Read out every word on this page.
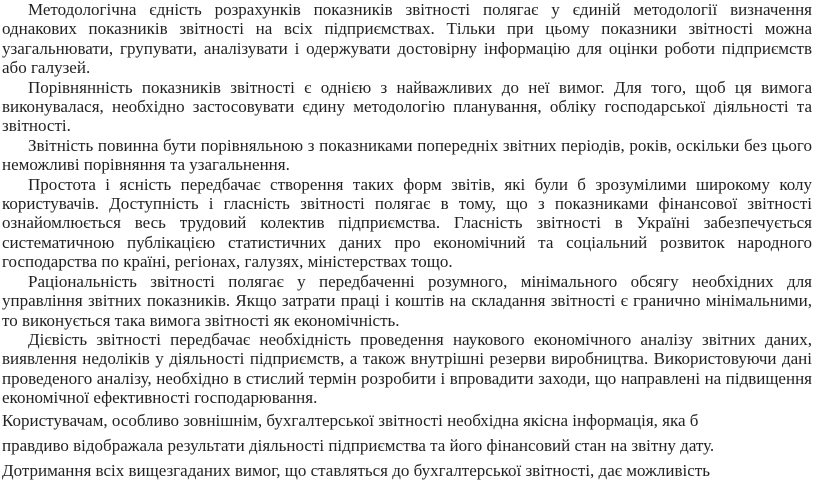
Методологічна єдність розрахунків показників звітності полягає у єдиній методології визначення однакових показників звітності на всіх підприємствах. Тільки при цьому показники звітності можна узагальнювати, групувати, аналізувати і одержувати достовірну інформацію для оцінки роботи підприємств або галузей.

Порівнянність показників звітності є однією з найважливих до неї вимог. Для того, щоб ця вимога виконувалася, необхідно застосовувати єдину методологію планування, обліку господарської діяльності та звітності.

Звітність повинна бути порівняльною з показниками попередніх звітних періодів, років, оскільки без цього неможливі порівняння та узагальнення.

Простота і ясність передбачає створення таких форм звітів, які були б зрозумілими широкому колу користувачів. Доступність і гласність звітності полягає в тому, що з показниками фінансової звітності ознайомлюється весь трудовий колектив підприємства. Гласність звітності в Україні забезпечується систематичною публікацією статистичних даних про економічний та соціальний розвиток народного господарства по країні, регіонах, галузях, міністерствах тощо.

Раціональність звітності полягає у передбаченні розумного, мінімального обсягу необхідних для управління звітних показників. Якщо затрати праці і коштів на складання звітності є гранично мінімальними, то виконується така вимога звітності як економічність.

Дієвість звітності передбачає необхідність проведення наукового економічного аналізу звітних даних, виявлення недоліків у діяльності підприємств, а також внутрішні резерви виробництва. Використовуючи дані проведеного аналізу, необхідно в стислий термін розробити і впровадити заходи, що направлені на підвищення економічної ефективності господарювання.

Користувачам, особливо зовнішнім, бухгалтерської звітності необхідна якісна інформація, яка б

правдиво відображала результати діяльності підприємства та його фінансовий стан на звітну дату.

Дотримання всіх вищезгаданих вимог, що ставляться до бухгалтерської звітності, дає можливість
